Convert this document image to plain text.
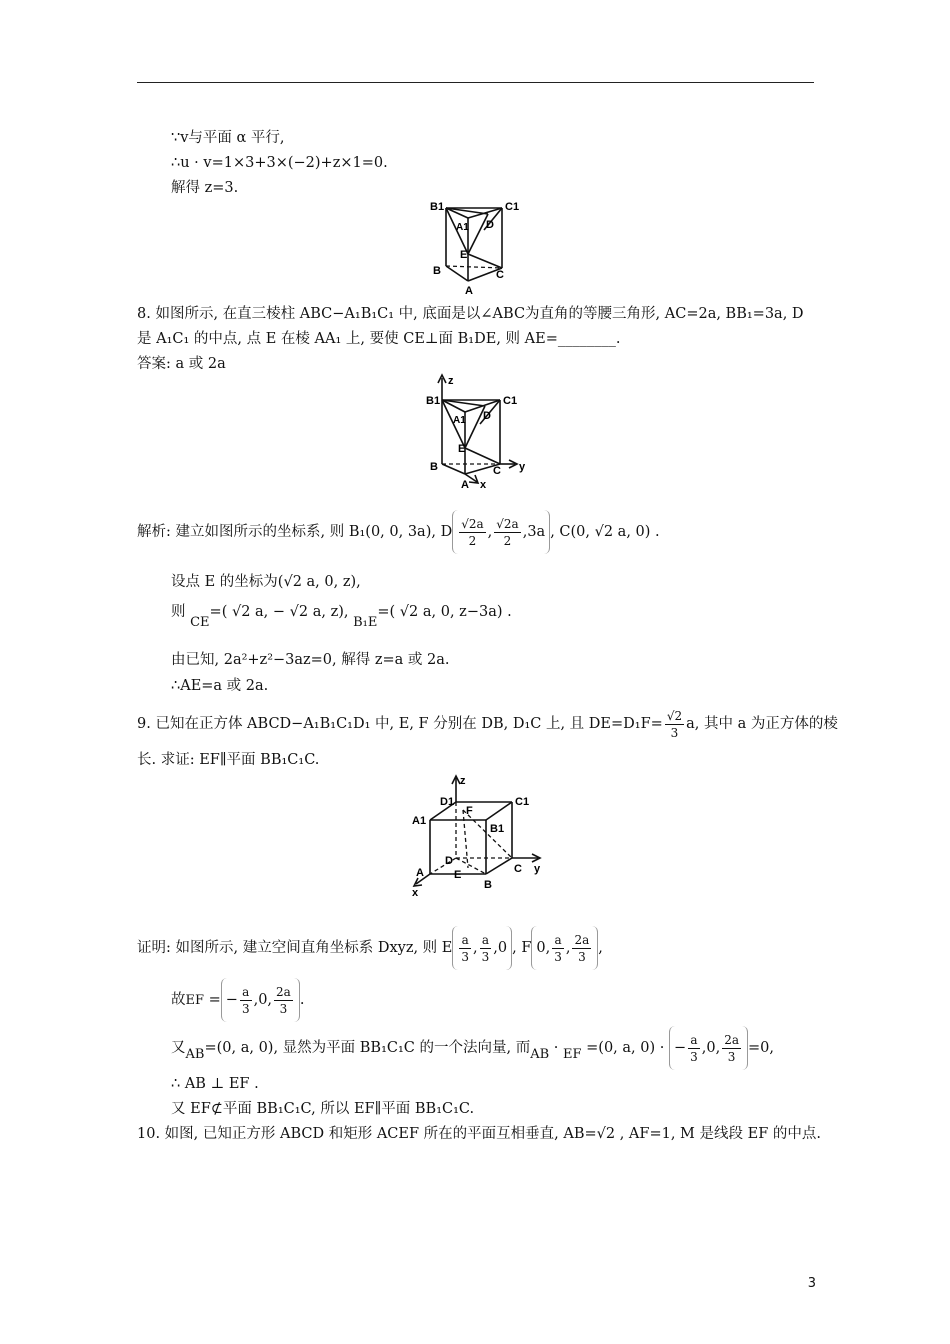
∵v与平面 α 平行,
∴u · v=1×3+3×(−2)+z×1=0.
解得 z=3.
B1	C1
A1 D
E
B	C
A
8. 如图所示, 在直三棱柱 ABC−A₁B₁C₁ 中, 底面是以∠ABC为直角的等腰三角形, AC=2a, BB₁=3a, D
是 A₁C₁ 的中点, 点 E 在棱 AA₁ 上, 要使 CE⊥面 B₁DE, 则 AE=________.
答案: a 或 2a
z
B1	C1
A1 D
E
B	C y
A x
解析: 建立如图所示的坐标系, 则 B₁(0, 0, 3a), D $\frac{√2a}{2}$ , $\frac{√2a}{2} ,3a$ , C(0, √2 a, 0) .
设点 E 的坐标为(√2 a, 0, z),
则 CE=( √2 a, − √2 a, z), B₁E=( √2 a, 0, z−3a) .
由已知, 2a²+z²−3az=0, 解得 z=a 或 2a.
∴AE=a 或 2a.
9. 已知在正方体 ABCD−A₁B₁C₁D₁ 中, E, F 分别在 DB, D₁C 上, 且 $DE=D_1F= \frac{√2}{3} a$, 其中 a 为正方体的棱
长. 求证: EF∥平面 BB₁C₁C.
z
D1	C1
A1
F
B1
D
C y
A	E
B
x
证明: 如图所示, 建立空间直角坐标系 Dxyz, 则 E $\frac{a}{3}$ , $\frac{a}{3} ,0$ , F 0, $\frac{a}{3}$ , $\frac{2a}{3}$ ,
故EF = − $\frac{a}{3} ,0$, $\frac{2a}{3}$ .
又AB=(0, a, 0), 显然为平面 BB₁C₁C 的一个法向量, 而AB · EF =(0, a, 0) · − $\frac{a}{3} ,0$, $\frac{2a}{3} =0$,
∴ AB ⊥ EF .
又 EF⊄平面 BB₁C₁C, 所以 EF∥平面 BB₁C₁C.
10. 如图, 已知正方形 ABCD 和矩形 ACEF 所在的平面互相垂直, AB=√2 , AF=1, M 是线段 EF 的中点.
3
